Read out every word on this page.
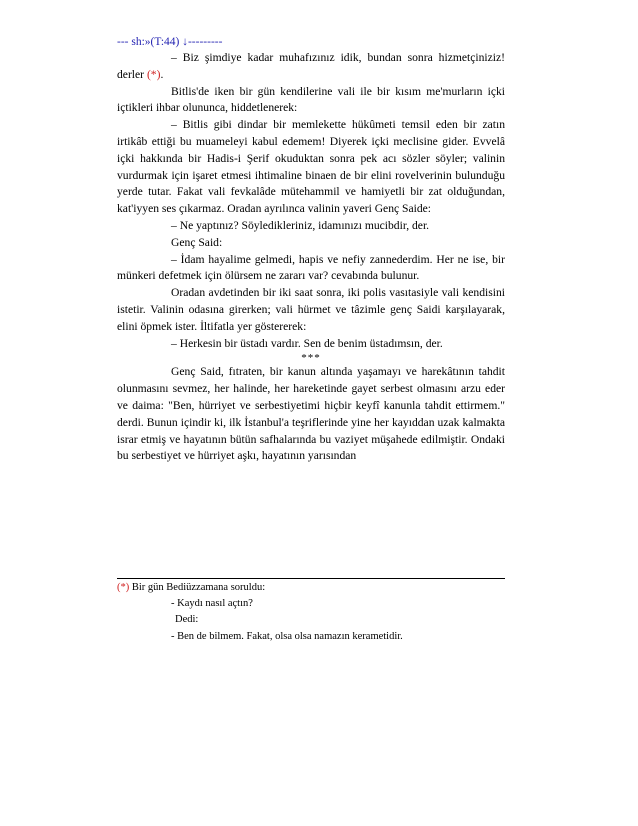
--- sh:»(T:44) ↓---------

– Biz şimdiye kadar muhafızınız idik, bundan sonra hizmetçiniziz! derler (*).

Bitlis'de iken bir gün kendilerine vali ile bir kısım me'murların içki içtikleri ihbar olununca, hiddetlenerek:

– Bitlis gibi dindar bir memlekette hükûmeti temsil eden bir zatın irtikâb ettiği bu muameleyi kabul edemem! Diyerek içki meclisine gider. Evvelâ içki hakkında bir Hadis-i Şerif okuduktan sonra pek acı sözler söyler; valinin vurdurmak için işaret etmesi ihtimaline binaen de bir elini rovelverinin bulunduğu yerde tutar. Fakat vali fevkalâde mütehammil ve hamiyetli bir zat olduğundan, kat'iyyen ses çıkarmaz. Oradan ayrılınca valinin yaveri Genç Saide:

– Ne yaptınız? Söyledikleriniz, idamınızı mucibdir, der.

Genç Said:

– İdam hayalime gelmedi, hapis ve nefiy zannederdim. Her ne ise, bir münkeri defetmek için ölürsem ne zararı var? cevabında bulunur.

Oradan avdetinden bir iki saat sonra, iki polis vasıtasiyle vali kendisini istetir. Valinin odasına girerken; vali hürmet ve tâzimle genç Saidi karşılayarak, elini öpmek ister. İltifatla yer göstererek:

– Herkesin bir üstadı vardır. Sen de benim üstadımsın, der.

***

Genç Said, fıtraten, bir kanun altında yaşamayı ve harekâtının tahdit olunmasını sevmez, her halinde, her hareketinde gayet serbest olmasını arzu eder ve daima: "Ben, hürriyet ve serbestiyetimi hiçbir keyfî kanunla tahdit ettirmem." derdi. Bunun içindir ki, ilk İstanbul'a teşriflerinde yine her kayıddan uzak kalmakta israr etmiş ve hayatının bütün safhalarında bu vaziyet müşahede edilmiştir. Ondaki bu serbestiyet ve hürriyet aşkı, hayatının yarısından

(*) Bir gün Bediüzzamana soruldu:
- Kaydı nasıl açtın?
Dedi:
- Ben de bilmem. Fakat, olsa olsa namazın kerametidir.
